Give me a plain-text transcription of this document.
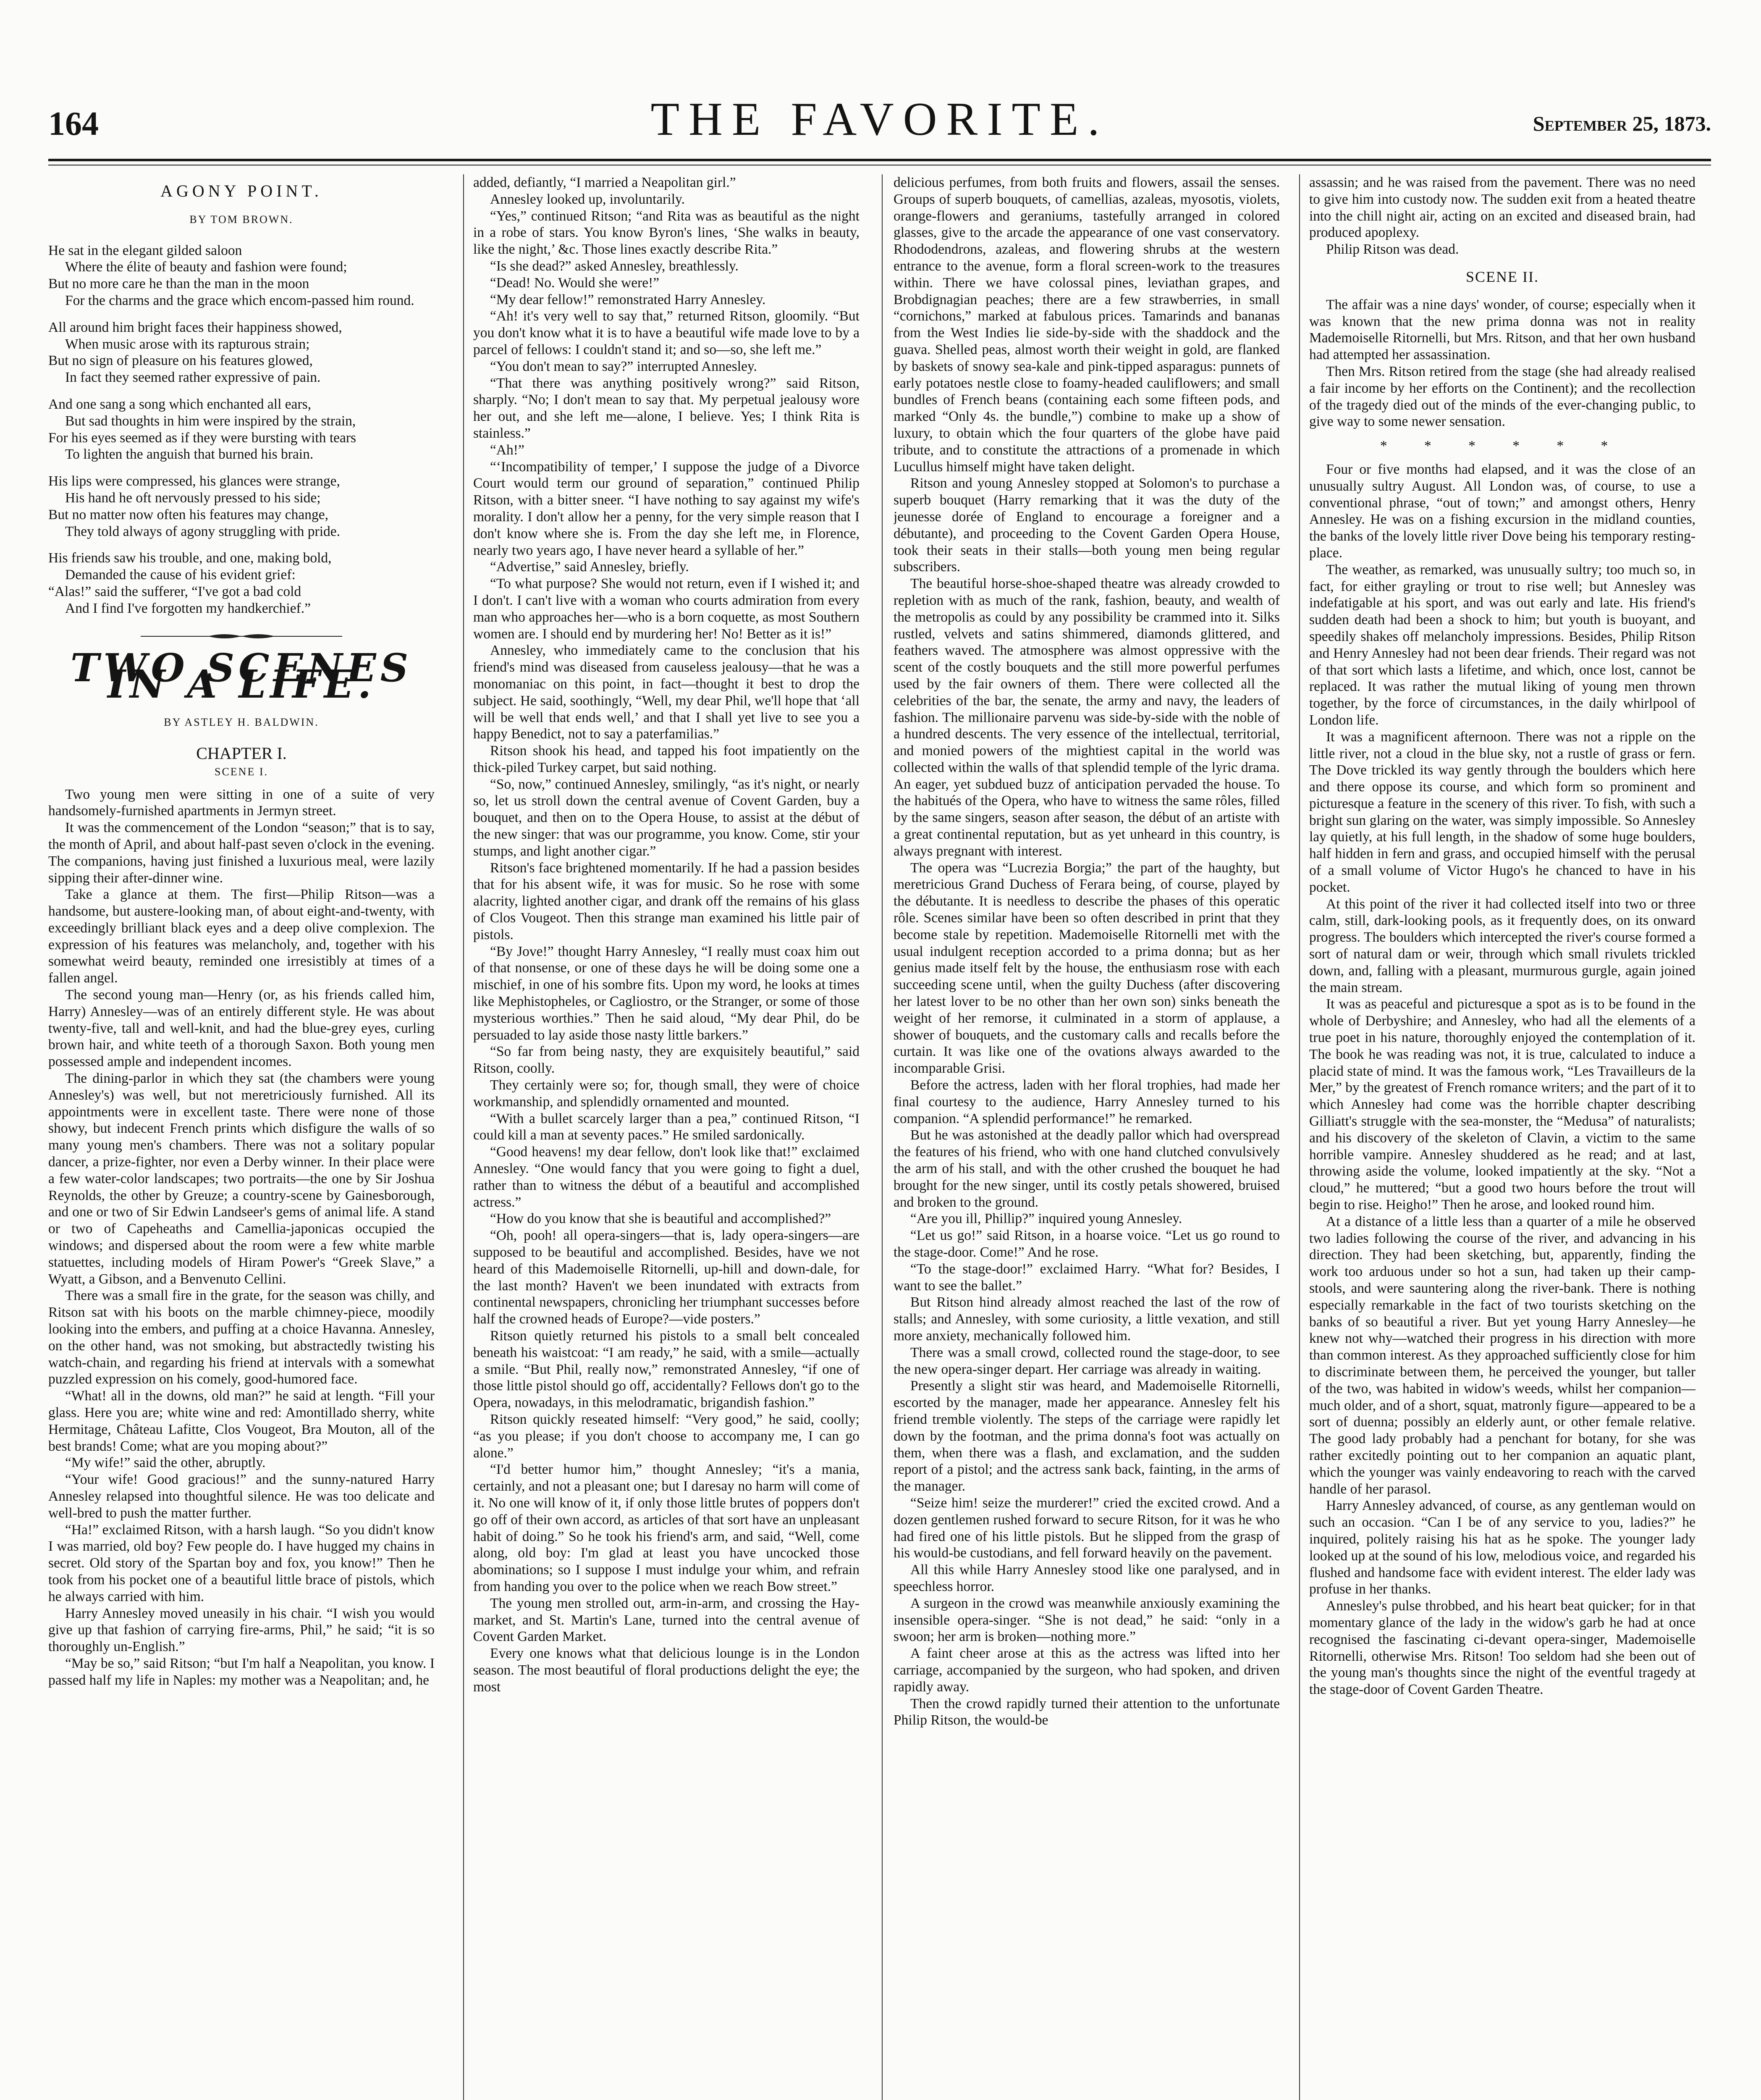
164	THE FAVORITE.	September 25, 1873.
AGONY POINT.
BY TOM BROWN.
He sat in the elegant gilded saloon
Where the élite of beauty and fashion were found;
But no more care he than the man in the moon
For the charms and the grace which encom-passed him round.
All around him bright faces their happiness showed,
When music arose with its rapturous strain;
But no sign of pleasure on his features glowed,
In fact they seemed rather expressive of pain.
And one sang a song which enchanted all ears,
But sad thoughts in him were inspired by the strain,
For his eyes seemed as if they were bursting with tears
To lighten the anguish that burned his brain.
His lips were compressed, his glances were strange,
His hand he oft nervously pressed to his side;
But no matter now often his features may change,
They told always of agony struggling with pride.
His friends saw his trouble, and one, making bold,
Demanded the cause of his evident grief:
“Alas!” said the sufferer, “I've got a bad cold
And I find I've forgotten my handkerchief.”
TWO SCENES IN A LIFE.
BY ASTLEY H. BALDWIN.
CHAPTER I.
SCENE I.

Two young men were sitting in one of a suite of very handsomely-furnished apartments in Jermyn street.

It was the commencement of the London “season;” that is to say, the month of April, and about half-past seven o'clock in the evening. The companions, having just finished a luxurious meal, were lazily sipping their after-dinner wine.

Take a glance at them. The first—Philip Ritson—was a handsome, but austere-looking man, of about eight-and-twenty, with exceedingly brilliant black eyes and a deep olive complexion. The expression of his features was melancholy, and, together with his somewhat weird beauty, reminded one irresistibly at times of a fallen angel.

The second young man—Henry (or, as his friends called him, Harry) Annesley—was of an entirely different style. He was about twenty-five, tall and well-knit, and had the blue-grey eyes, curling brown hair, and white teeth of a thorough Saxon. Both young men possessed ample and independent incomes.

The dining-parlor in which they sat (the chambers were young Annesley's) was well, but not meretriciously furnished. All its appointments were in excellent taste. There were none of those showy, but indecent French prints which disfigure the walls of so many young men's chambers. There was not a solitary popular dancer, a prize-fighter, nor even a Derby winner. In their place were a few water-color landscapes; two portraits—the one by Sir Joshua Reynolds, the other by Greuze; a country-scene by Gainesborough, and one or two of Sir Edwin Landseer's gems of animal life. A stand or two of Capeheaths and Camellia-japonicas occupied the windows; and dispersed about the room were a few white marble statuettes, including models of Hiram Power's “Greek Slave,” a Wyatt, a Gibson, and a Benvenuto Cellini.

There was a small fire in the grate, for the season was chilly, and Ritson sat with his boots on the marble chimney-piece, moodily looking into the embers, and puffing at a choice Havanna. Annesley, on the other hand, was not smoking, but abstractedly twisting his watch-chain, and regarding his friend at intervals with a somewhat puzzled expression on his comely, good-humored face.

“What! all in the downs, old man?” he said at length. “Fill your glass. Here you are; white wine and red: Amontillado sherry, white Hermitage, Château Lafitte, Clos Vougeot, Bra Mouton, all of the best brands! Come; what are you moping about?”

“My wife!” said the other, abruptly.

“Your wife! Good gracious!” and the sunny-natured Harry Annesley relapsed into thoughtful silence. He was too delicate and well-bred to push the matter further.

“Ha!” exclaimed Ritson, with a harsh laugh. “So you didn't know I was married, old boy? Few people do. I have hugged my chains in secret. Old story of the Spartan boy and fox, you know!” Then he took from his pocket one of a beautiful little brace of pistols, which he always carried with him.

Harry Annesley moved uneasily in his chair. “I wish you would give up that fashion of carrying fire-arms, Phil,” he said; “it is so thoroughly un-English.”

“May be so,” said Ritson; “but I'm half a Neapolitan, you know. I passed half my life in Naples: my mother was a Neapolitan; and, he

added, defiantly, “I married a Neapolitan girl.”

Annesley looked up, involuntarily.

“Yes,” continued Ritson; “and Rita was as beautiful as the night in a robe of stars. You know Byron's lines, ‘She walks in beauty, like the night,’ &c. Those lines exactly describe Rita.”

“Is she dead?” asked Annesley, breathlessly.

“Dead! No. Would she were!”

“My dear fellow!” remonstrated Harry Annesley.

“Ah! it's very well to say that,” returned Ritson, gloomily. “But you don't know what it is to have a beautiful wife made love to by a parcel of fellows: I couldn't stand it; and so—so, she left me.”

“You don't mean to say?” interrupted Annesley.

“That there was anything positively wrong?” said Ritson, sharply. “No; I don't mean to say that. My perpetual jealousy wore her out, and she left me—alone, I believe. Yes; I think Rita is stainless.”

“Ah!”

“‘Incompatibility of temper,’ I suppose the judge of a Divorce Court would term our ground of separation,” continued Philip Ritson, with a bitter sneer. “I have nothing to say against my wife's morality. I don't allow her a penny, for the very simple reason that I don't know where she is. From the day she left me, in Florence, nearly two years ago, I have never heard a syllable of her.”

“Advertise,” said Annesley, briefly.

“To what purpose? She would not return, even if I wished it; and I don't. I can't live with a woman who courts admiration from every man who approaches her—who is a born coquette, as most Southern women are. I should end by murdering her! No! Better as it is!”

Annesley, who immediately came to the conclusion that his friend's mind was diseased from causeless jealousy—that he was a monomaniac on this point, in fact—thought it best to drop the subject. He said, soothingly, “Well, my dear Phil, we'll hope that ‘all will be well that ends well,’ and that I shall yet live to see you a happy Benedict, not to say a paterfamilias.”

Ritson shook his head, and tapped his foot impatiently on the thick-piled Turkey carpet, but said nothing.

“So, now,” continued Annesley, smilingly, “as it's night, or nearly so, let us stroll down the central avenue of Covent Garden, buy a bouquet, and then on to the Opera House, to assist at the début of the new singer: that was our programme, you know. Come, stir your stumps, and light another cigar.”

Ritson's face brightened momentarily. If he had a passion besides that for his absent wife, it was for music. So he rose with some alacrity, lighted another cigar, and drank off the remains of his glass of Clos Vougeot. Then this strange man examined his little pair of pistols.

“By Jove!” thought Harry Annesley, “I really must coax him out of that nonsense, or one of these days he will be doing some one a mischief, in one of his sombre fits. Upon my word, he looks at times like Mephistopheles, or Cagliostro, or the Stranger, or some of those mysterious worthies.” Then he said aloud, “My dear Phil, do be persuaded to lay aside those nasty little barkers.”

“So far from being nasty, they are exquisitely beautiful,” said Ritson, coolly.

They certainly were so; for, though small, they were of choice workmanship, and splendidly ornamented and mounted.

“With a bullet scarcely larger than a pea,” continued Ritson, “I could kill a man at seventy paces.” He smiled sardonically.

“Good heavens! my dear fellow, don't look like that!” exclaimed Annesley. “One would fancy that you were going to fight a duel, rather than to witness the début of a beautiful and accomplished actress.”

“How do you know that she is beautiful and accomplished?”

“Oh, pooh! all opera-singers—that is, lady opera-singers—are supposed to be beautiful and accomplished. Besides, have we not heard of this Mademoiselle Ritornelli, up-hill and down-dale, for the last month? Haven't we been inundated with extracts from continental newspapers, chronicling her triumphant successes before half the crowned heads of Europe?—vide posters.”

Ritson quietly returned his pistols to a small belt concealed beneath his waistcoat: “I am ready,” he said, with a smile—actually a smile. “But Phil, really now,” remonstrated Annesley, “if one of those little pistol should go off, accidentally? Fellows don't go to the Opera, nowadays, in this melodramatic, brigandish fashion.”

Ritson quickly reseated himself: “Very good,” he said, coolly; “as you please; if you don't choose to accompany me, I can go alone.”

“I'd better humor him,” thought Annesley; “it's a mania, certainly, and not a pleasant one; but I daresay no harm will come of it. No one will know of it, if only those little brutes of poppers don't go off of their own accord, as articles of that sort have an unpleasant habit of doing.” So he took his friend's arm, and said, “Well, come along, old boy: I'm glad at least you have uncocked those abominations; so I suppose I must indulge your whim, and refrain from handing you over to the police when we reach Bow street.”

The young men strolled out, arm-in-arm, and crossing the Hay-market, and St. Martin's Lane, turned into the central avenue of Covent Garden Market.

Every one knows what that delicious lounge is in the London season. The most beautiful of floral productions delight the eye; the most

delicious perfumes, from both fruits and flowers, assail the senses. Groups of superb bouquets, of camellias, azaleas, myosotis, violets, orange-flowers and geraniums, tastefully arranged in colored glasses, give to the arcade the appearance of one vast conservatory. Rhododendrons, azaleas, and flowering shrubs at the western entrance to the avenue, form a floral screen-work to the treasures within. There we have colossal pines, leviathan grapes, and Brobdignagian peaches; there are a few strawberries, in small “cornichons,” marked at fabulous prices. Tamarinds and bananas from the West Indies lie side-by-side with the shaddock and the guava. Shelled peas, almost worth their weight in gold, are flanked by baskets of snowy sea-kale and pink-tipped asparagus: punnets of early potatoes nestle close to foamy-headed cauliflowers; and small bundles of French beans (containing each some fifteen pods, and marked “Only 4s. the bundle,”) combine to make up a show of luxury, to obtain which the four quarters of the globe have paid tribute, and to constitute the attractions of a promenade in which Lucullus himself might have taken delight.

Ritson and young Annesley stopped at Solomon's to purchase a superb bouquet (Harry remarking that it was the duty of the jeunesse dorée of England to encourage a foreigner and a débutante), and proceeding to the Covent Garden Opera House, took their seats in their stalls—both young men being regular subscribers.

The beautiful horse-shoe-shaped theatre was already crowded to repletion with as much of the rank, fashion, beauty, and wealth of the metropolis as could by any possibility be crammed into it. Silks rustled, velvets and satins shimmered, diamonds glittered, and feathers waved. The atmosphere was almost oppressive with the scent of the costly bouquets and the still more powerful perfumes used by the fair owners of them. There were collected all the celebrities of the bar, the senate, the army and navy, the leaders of fashion. The millionaire parvenu was side-by-side with the noble of a hundred descents. The very essence of the intellectual, territorial, and monied powers of the mightiest capital in the world was collected within the walls of that splendid temple of the lyric drama. An eager, yet subdued buzz of anticipation pervaded the house. To the habitués of the Opera, who have to witness the same rôles, filled by the same singers, season after season, the début of an artiste with a great continental reputation, but as yet unheard in this country, is always pregnant with interest.

The opera was “Lucrezia Borgia;” the part of the haughty, but meretricious Grand Duchess of Ferara being, of course, played by the débutante. It is needless to describe the phases of this operatic rôle. Scenes similar have been so often described in print that they become stale by repetition. Mademoiselle Ritornelli met with the usual indulgent reception accorded to a prima donna; but as her genius made itself felt by the house, the enthusiasm rose with each succeeding scene until, when the guilty Duchess (after discovering her latest lover to be no other than her own son) sinks beneath the weight of her remorse, it culminated in a storm of applause, a shower of bouquets, and the customary calls and recalls before the curtain. It was like one of the ovations always awarded to the incomparable Grisi.

Before the actress, laden with her floral trophies, had made her final courtesy to the audience, Harry Annesley turned to his companion. “A splendid performance!” he remarked.

But he was astonished at the deadly pallor which had overspread the features of his friend, who with one hand clutched convulsively the arm of his stall, and with the other crushed the bouquet he had brought for the new singer, until its costly petals showered, bruised and broken to the ground.

“Are you ill, Phillip?” inquired young Annesley.

“Let us go!” said Ritson, in a hoarse voice. “Let us go round to the stage-door. Come!” And he rose.

“To the stage-door!” exclaimed Harry. “What for? Besides, I want to see the ballet.”

But Ritson hind already almost reached the last of the row of stalls; and Annesley, with some curiosity, a little vexation, and still more anxiety, mechanically followed him.

There was a small crowd, collected round the stage-door, to see the new opera-singer depart. Her carriage was already in waiting.

Presently a slight stir was heard, and Mademoiselle Ritornelli, escorted by the manager, made her appearance. Annesley felt his friend tremble violently. The steps of the carriage were rapidly let down by the footman, and the prima donna's foot was actually on them, when there was a flash, and exclamation, and the sudden report of a pistol; and the actress sank back, fainting, in the arms of the manager.

“Seize him! seize the murderer!” cried the excited crowd. And a dozen gentlemen rushed forward to secure Ritson, for it was he who had fired one of his little pistols. But he slipped from the grasp of his would-be custodians, and fell forward heavily on the pavement.

All this while Harry Annesley stood like one paralysed, and in speechless horror.

A surgeon in the crowd was meanwhile anxiously examining the insensible opera-singer. “She is not dead,” he said: “only in a swoon; her arm is broken—nothing more.”

A faint cheer arose at this as the actress was lifted into her carriage, accompanied by the surgeon, who had spoken, and driven rapidly away.

Then the crowd rapidly turned their attention to the unfortunate Philip Ritson, the would-be

assassin; and he was raised from the pavement. There was no need to give him into custody now. The sudden exit from a heated theatre into the chill night air, acting on an excited and diseased brain, had produced apoplexy.

Philip Ritson was dead.

SCENE II.

The affair was a nine days' wonder, of course; especially when it was known that the new prima donna was not in reality Mademoiselle Ritornelli, but Mrs. Ritson, and that her own husband had attempted her assassination.

Then Mrs. Ritson retired from the stage (she had already realised a fair income by her efforts on the Continent); and the recollection of the tragedy died out of the minds of the ever-changing public, to give way to some newer sensation.

* * * * * *

Four or five months had elapsed, and it was the close of an unusually sultry August. All London was, of course, to use a conventional phrase, “out of town;” and amongst others, Henry Annesley. He was on a fishing excursion in the midland counties, the banks of the lovely little river Dove being his temporary resting-place.

The weather, as remarked, was unusually sultry; too much so, in fact, for either grayling or trout to rise well; but Annesley was indefatigable at his sport, and was out early and late. His friend's sudden death had been a shock to him; but youth is buoyant, and speedily shakes off melancholy impressions. Besides, Philip Ritson and Henry Annesley had not been dear friends. Their regard was not of that sort which lasts a lifetime, and which, once lost, cannot be replaced. It was rather the mutual liking of young men thrown together, by the force of circumstances, in the daily whirlpool of London life.

It was a magnificent afternoon. There was not a ripple on the little river, not a cloud in the blue sky, not a rustle of grass or fern. The Dove trickled its way gently through the boulders which here and there oppose its course, and which form so prominent and picturesque a feature in the scenery of this river. To fish, with such a bright sun glaring on the water, was simply impossible. So Annesley lay quietly, at his full length, in the shadow of some huge boulders, half hidden in fern and grass, and occupied himself with the perusal of a small volume of Victor Hugo's he chanced to have in his pocket.

At this point of the river it had collected itself into two or three calm, still, dark-looking pools, as it frequently does, on its onward progress. The boulders which intercepted the river's course formed a sort of natural dam or weir, through which small rivulets trickled down, and, falling with a pleasant, murmurous gurgle, again joined the main stream.

It was as peaceful and picturesque a spot as is to be found in the whole of Derbyshire; and Annesley, who had all the elements of a true poet in his nature, thoroughly enjoyed the contemplation of it. The book he was reading was not, it is true, calculated to induce a placid state of mind. It was the famous work, “Les Travailleurs de la Mer,” by the greatest of French romance writers; and the part of it to which Annesley had come was the horrible chapter describing Gilliatt's struggle with the sea-monster, the “Medusa” of naturalists; and his discovery of the skeleton of Clavin, a victim to the same horrible vampire. Annesley shuddered as he read; and at last, throwing aside the volume, looked impatiently at the sky. “Not a cloud,” he muttered; “but a good two hours before the trout will begin to rise. Heigho!” Then he arose, and looked round him.

At a distance of a little less than a quarter of a mile he observed two ladies following the course of the river, and advancing in his direction. They had been sketching, but, apparently, finding the work too arduous under so hot a sun, had taken up their camp-stools, and were sauntering along the river-bank. There is nothing especially remarkable in the fact of two tourists sketching on the banks of so beautiful a river. But yet young Harry Annesley—he knew not why—watched their progress in his direction with more than common interest. As they approached sufficiently close for him to discriminate between them, he perceived the younger, but taller of the two, was habited in widow's weeds, whilst her companion—much older, and of a short, squat, matronly figure—appeared to be a sort of duenna; possibly an elderly aunt, or other female relative. The good lady probably had a penchant for botany, for she was rather excitedly pointing out to her companion an aquatic plant, which the younger was vainly endeavoring to reach with the carved handle of her parasol.

Harry Annesley advanced, of course, as any gentleman would on such an occasion. “Can I be of any service to you, ladies?” he inquired, politely raising his hat as he spoke. The younger lady looked up at the sound of his low, melodious voice, and regarded his flushed and handsome face with evident interest. The elder lady was profuse in her thanks.

Annesley's pulse throbbed, and his heart beat quicker; for in that momentary glance of the lady in the widow's garb he had at once recognised the fascinating ci-devant opera-singer, Mademoiselle Ritornelli, otherwise Mrs. Ritson! Too seldom had she been out of the young man's thoughts since the night of the eventful tragedy at the stage-door of Covent Garden Theatre.
